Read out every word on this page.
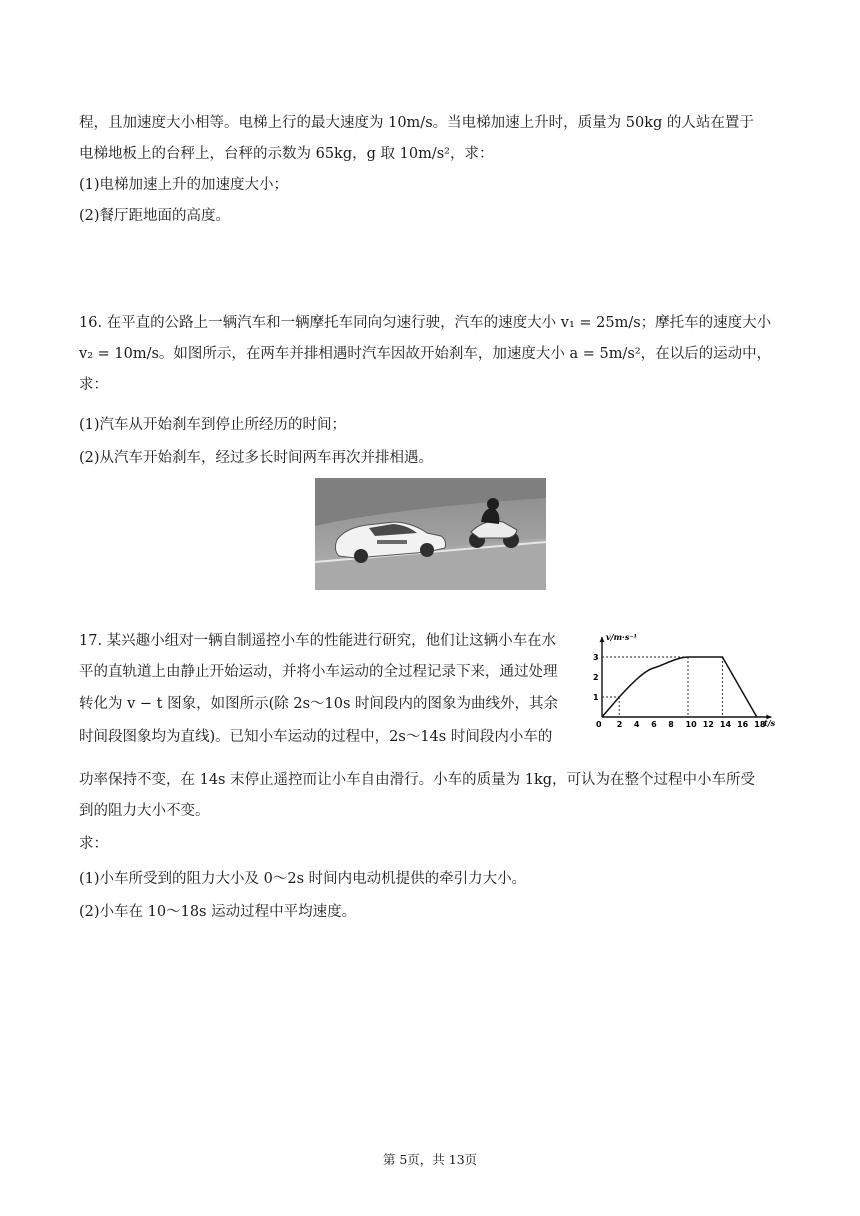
程，且加速度大小相等。电梯上行的最大速度为 10m/s。当电梯加速上升时，质量为 50kg 的人站在置于
电梯地板上的台秤上，台秤的示数为 65kg，g 取 10m/s²，求：
(1)电梯加速上升的加速度大小；
(2)餐厅距地面的高度。
16. 在平直的公路上一辆汽车和一辆摩托车同向匀速行驶，汽车的速度大小 v₁ = 25m/s；摩托车的速度大小
v₂ = 10m/s。如图所示，在两车并排相遇时汽车因故开始刹车，加速度大小 a = 5m/s²，在以后的运动中，
求：
(1)汽车从开始刹车到停止所经历的时间；
(2)从汽车开始刹车，经过多长时间两车再次并排相遇。
17. 某兴趣小组对一辆自制遥控小车的性能进行研究，他们让这辆小车在水
平的直轨道上由静止开始运动，并将小车运动的全过程记录下来，通过处理
转化为 v − t 图象，如图所示(除 2s～10s 时间段内的图象为曲线外，其余
时间段图象均为直线)。已知小车运动的过程中，2s～14s 时间段内小车的
功率保持不变，在 14s 末停止遥控而让小车自由滑行。小车的质量为 1kg，可认为在整个过程中小车所受
到的阻力大小不变。
求：
(1)小车所受到的阻力大小及 0～2s 时间内电动机提供的牵引力大小。
(2)小车在 10～18s 运动过程中平均速度。
0 2 4 6 8 10 12 14 16 18
1
2
3
v/m·s⁻¹
t/s
第 5页，共 13页
